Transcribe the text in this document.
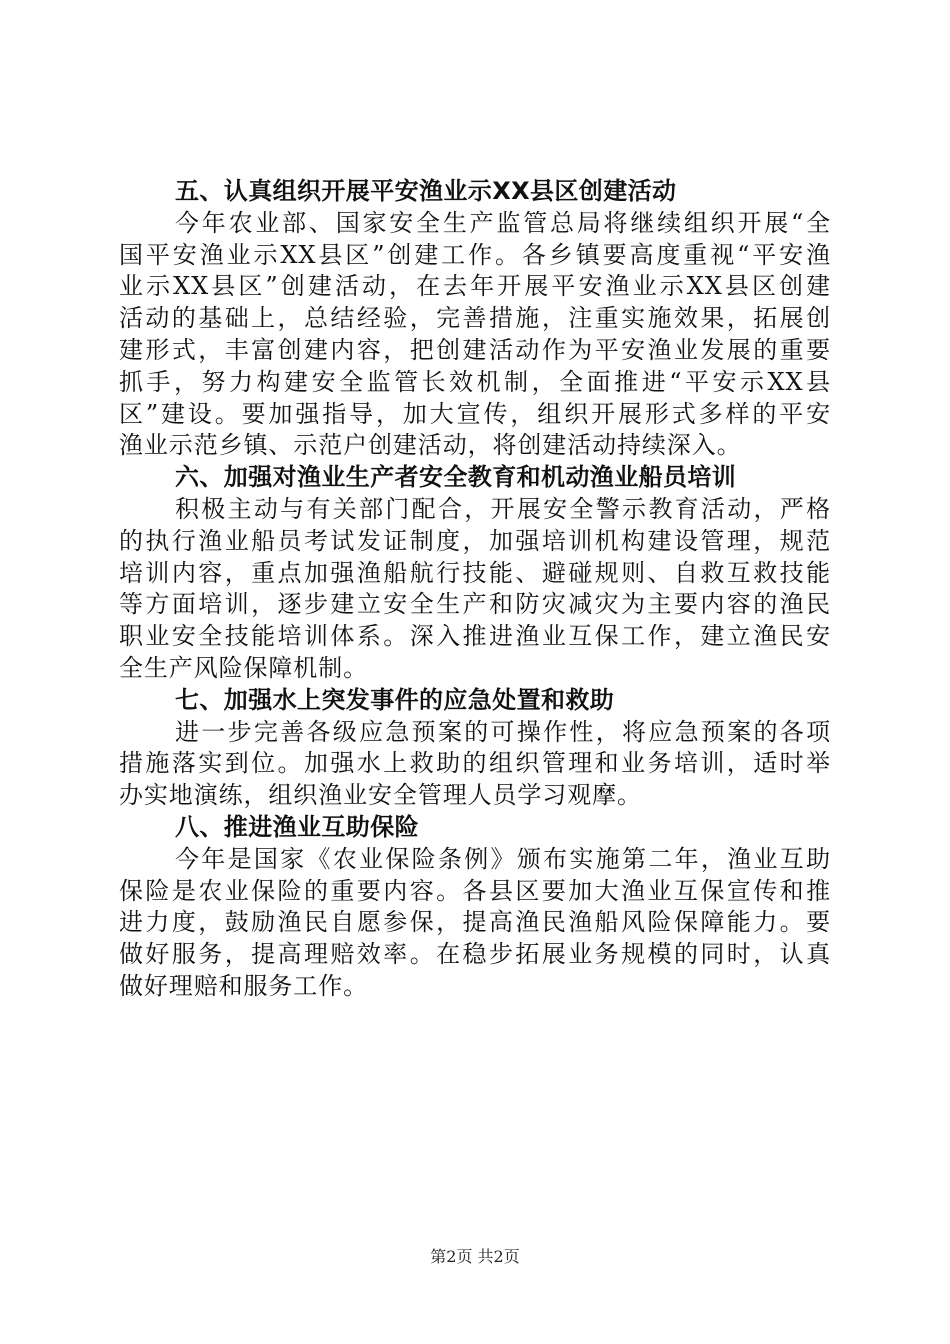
五、认真组织开展平安渔业示XX县区创建活动
今年农业部、国家安全生产监管总局将继续组织开展“全
国平安渔业示XX县区”创建工作。各乡镇要高度重视“平安渔
业示XX县区”创建活动，在去年开展平安渔业示XX县区创建
活动的基础上，总结经验，完善措施，注重实施效果，拓展创
建形式，丰富创建内容，把创建活动作为平安渔业发展的重要
抓手，努力构建安全监管长效机制，全面推进“平安示XX县
区”建设。要加强指导，加大宣传，组织开展形式多样的平安
渔业示范乡镇、示范户创建活动，将创建活动持续深入。
六、加强对渔业生产者安全教育和机动渔业船员培训
积极主动与有关部门配合，开展安全警示教育活动，严格
的执行渔业船员考试发证制度，加强培训机构建设管理，规范
培训内容，重点加强渔船航行技能、避碰规则、自救互救技能
等方面培训，逐步建立安全生产和防灾减灾为主要内容的渔民
职业安全技能培训体系。深入推进渔业互保工作，建立渔民安
全生产风险保障机制。
七、加强水上突发事件的应急处置和救助
进一步完善各级应急预案的可操作性，将应急预案的各项
措施落实到位。加强水上救助的组织管理和业务培训，适时举
办实地演练，组织渔业安全管理人员学习观摩。
八、推进渔业互助保险
今年是国家《农业保险条例》颁布实施第二年，渔业互助
保险是农业保险的重要内容。各县区要加大渔业互保宣传和推
进力度，鼓励渔民自愿参保，提高渔民渔船风险保障能力。要
做好服务，提高理赔效率。在稳步拓展业务规模的同时，认真
做好理赔和服务工作。
第2页 共2页
